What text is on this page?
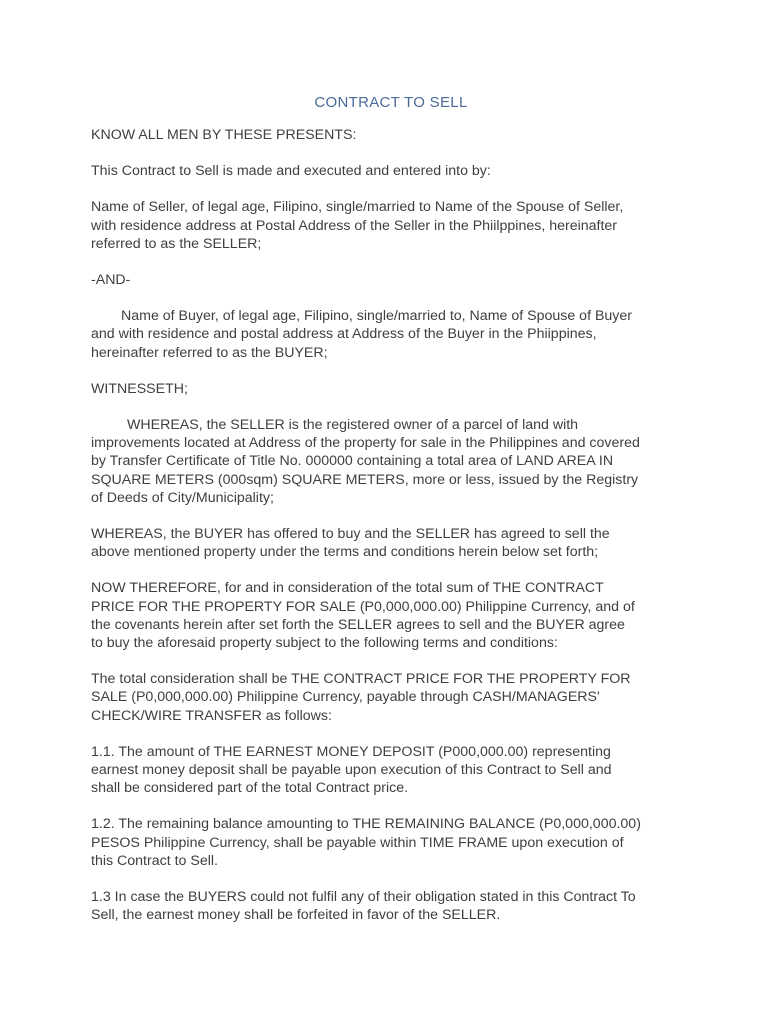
CONTRACT TO SELL
KNOW ALL MEN BY THESE PRESENTS:
This Contract to Sell is made and executed and entered into by:
Name of Seller, of legal age, Filipino, single/married to Name of the Spouse of Seller,
with residence address at Postal Address of the Seller in the Phiilppines, hereinafter
referred to as the SELLER;
-AND-
Name of Buyer, of legal age, Filipino, single/married to, Name of Spouse of Buyer
and with residence and postal address at Address of the Buyer in the Phiippines,
hereinafter referred to as the BUYER;
WITNESSETH;
WHEREAS, the SELLER is the registered owner of a parcel of land with
improvements located at Address of the property for sale in the Philippines and covered
by Transfer Certificate of Title No. 000000 containing a total area of LAND AREA IN
SQUARE METERS (000sqm) SQUARE METERS, more or less, issued by the Registry
of Deeds of City/Municipality;
WHEREAS, the BUYER has offered to buy and the SELLER has agreed to sell the
above mentioned property under the terms and conditions herein below set forth;
NOW THEREFORE, for and in consideration of the total sum of THE CONTRACT
PRICE FOR THE PROPERTY FOR SALE (P0,000,000.00) Philippine Currency, and of
the covenants herein after set forth the SELLER agrees to sell and the BUYER agree
to buy the aforesaid property subject to the following terms and conditions:
The total consideration shall be THE CONTRACT PRICE FOR THE PROPERTY FOR
SALE (P0,000,000.00) Philippine Currency, payable through CASH/MANAGERS'
CHECK/WIRE TRANSFER as follows:
1.1. The amount of THE EARNEST MONEY DEPOSIT (P000,000.00) representing
earnest money deposit shall be payable upon execution of this Contract to Sell and
shall be considered part of the total Contract price.
1.2. The remaining balance amounting to THE REMAINING BALANCE (P0,000,000.00)
PESOS Philippine Currency, shall be payable within TIME FRAME upon execution of
this Contract to Sell.
1.3 In case the BUYERS could not fulfil any of their obligation stated in this Contract To
Sell, the earnest money shall be forfeited in favor of the SELLER.
